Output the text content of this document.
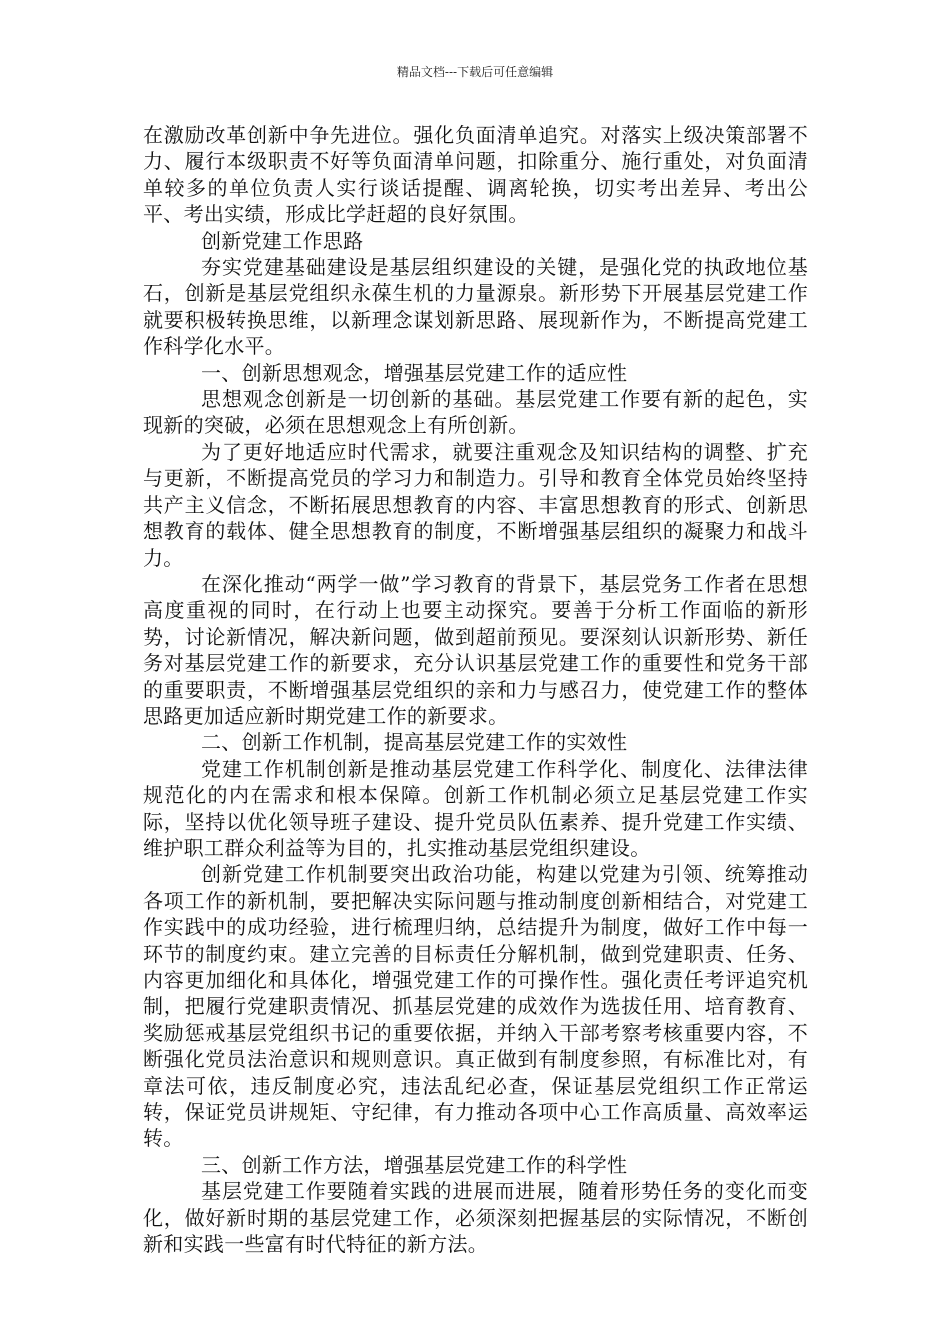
精品文档---下载后可任意编辑

在激励改革创新中争先进位。强化负面清单追究。对落实上级决策部署不力、履行本级职责不好等负面清单问题，扣除重分、施行重处，对负面清单较多的单位负责人实行谈话提醒、调离轮换，切实考出差异、考出公平、考出实绩，形成比学赶超的良好氛围。

创新党建工作思路

夯实党建基础建设是基层组织建设的关键，是强化党的执政地位基石，创新是基层党组织永葆生机的力量源泉。新形势下开展基层党建工作就要积极转换思维，以新理念谋划新思路、展现新作为，不断提高党建工作科学化水平。

一、创新思想观念，增强基层党建工作的适应性

思想观念创新是一切创新的基础。基层党建工作要有新的起色，实现新的突破，必须在思想观念上有所创新。

为了更好地适应时代需求，就要注重观念及知识结构的调整、扩充与更新，不断提高党员的学习力和制造力。引导和教育全体党员始终坚持共产主义信念，不断拓展思想教育的内容、丰富思想教育的形式、创新思想教育的载体、健全思想教育的制度，不断增强基层组织的凝聚力和战斗力。

在深化推动“两学一做”学习教育的背景下，基层党务工作者在思想高度重视的同时，在行动上也要主动探究。要善于分析工作面临的新形势，讨论新情况，解决新问题，做到超前预见。要深刻认识新形势、新任务对基层党建工作的新要求，充分认识基层党建工作的重要性和党务干部的重要职责，不断增强基层党组织的亲和力与感召力，使党建工作的整体思路更加适应新时期党建工作的新要求。

二、创新工作机制，提高基层党建工作的实效性

党建工作机制创新是推动基层党建工作科学化、制度化、法律法律规范化的内在需求和根本保障。创新工作机制必须立足基层党建工作实际，坚持以优化领导班子建设、提升党员队伍素养、提升党建工作实绩、维护职工群众利益等为目的，扎实推动基层党组织建设。

创新党建工作机制要突出政治功能，构建以党建为引领、统筹推动各项工作的新机制，要把解决实际问题与推动制度创新相结合，对党建工作实践中的成功经验，进行梳理归纳，总结提升为制度，做好工作中每一环节的制度约束。建立完善的目标责任分解机制，做到党建职责、任务、内容更加细化和具体化，增强党建工作的可操作性。强化责任考评追究机制，把履行党建职责情况、抓基层党建的成效作为选拔任用、培育教育、奖励惩戒基层党组织书记的重要依据，并纳入干部考察考核重要内容，不断强化党员法治意识和规则意识。真正做到有制度参照，有标准比对，有章法可依，违反制度必究，违法乱纪必查，保证基层党组织工作正常运转，保证党员讲规矩、守纪律，有力推动各项中心工作高质量、高效率运转。

三、创新工作方法，增强基层党建工作的科学性

基层党建工作要随着实践的进展而进展，随着形势任务的变化而变化，做好新时期的基层党建工作，必须深刻把握基层的实际情况，不断创新和实践一些富有时代特征的新方法。
